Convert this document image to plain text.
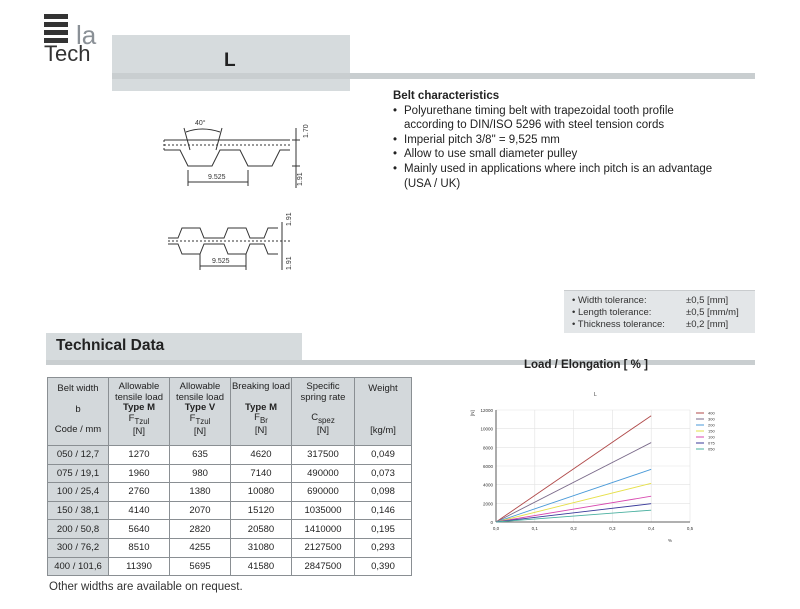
la
Tech	L
40°
9.525
1.70
1.91
9.525
1.91
1.91
Belt characteristics
• Polyurethane timing belt with trapezoidal tooth profile
according to DIN/ISO 5296 with steel tension cords
• Imperial pitch 3/8" = 9,525 mm
• Allow to use small diameter pulley
• Mainly used in applications where inch pitch is an advantage
(USA / UK)
• Width tolerance:	±0,5 [mm]
• Length tolerance:	±0,5 [mm/m]
• Thickness tolerance: ±0,2 [mm]
Technical Data
Belt width
b
Code / mm	Allowable
tensile load
Type M
$F_{Tzul}$
[N]	Allowable
tensile load
Type V
$F_{Tzul}$
[N]	Breaking load
Type M
$F_{Br}$
[N]	Specific
spring rate
$C_{spez}$
[N]	Weight
[kg/m]

050 / 12,7	1270	635	4620	317500	0,049
075 / 19,1	1960	980	7140	490000	0,073
100 / 25,4	2760	1380	10080	690000	0,098
150 / 38,1	4140	2070	15120	1035000	0,146
200 / 50,8	5640	2820	20580	1410000	0,195
300 / 76,2	8510	4255	31080	2127500	0,293
400 / 101,6	11390	5695	41580	2847500	0,390
Other widths are available on request.
Load / Elongation [ % ]
L
0
2000
4000
6000
8000
10000
12000
0,0	0,1	0,2	0,3	0,4	0,5
%
[N]	400
300
200
150
100
075
050
